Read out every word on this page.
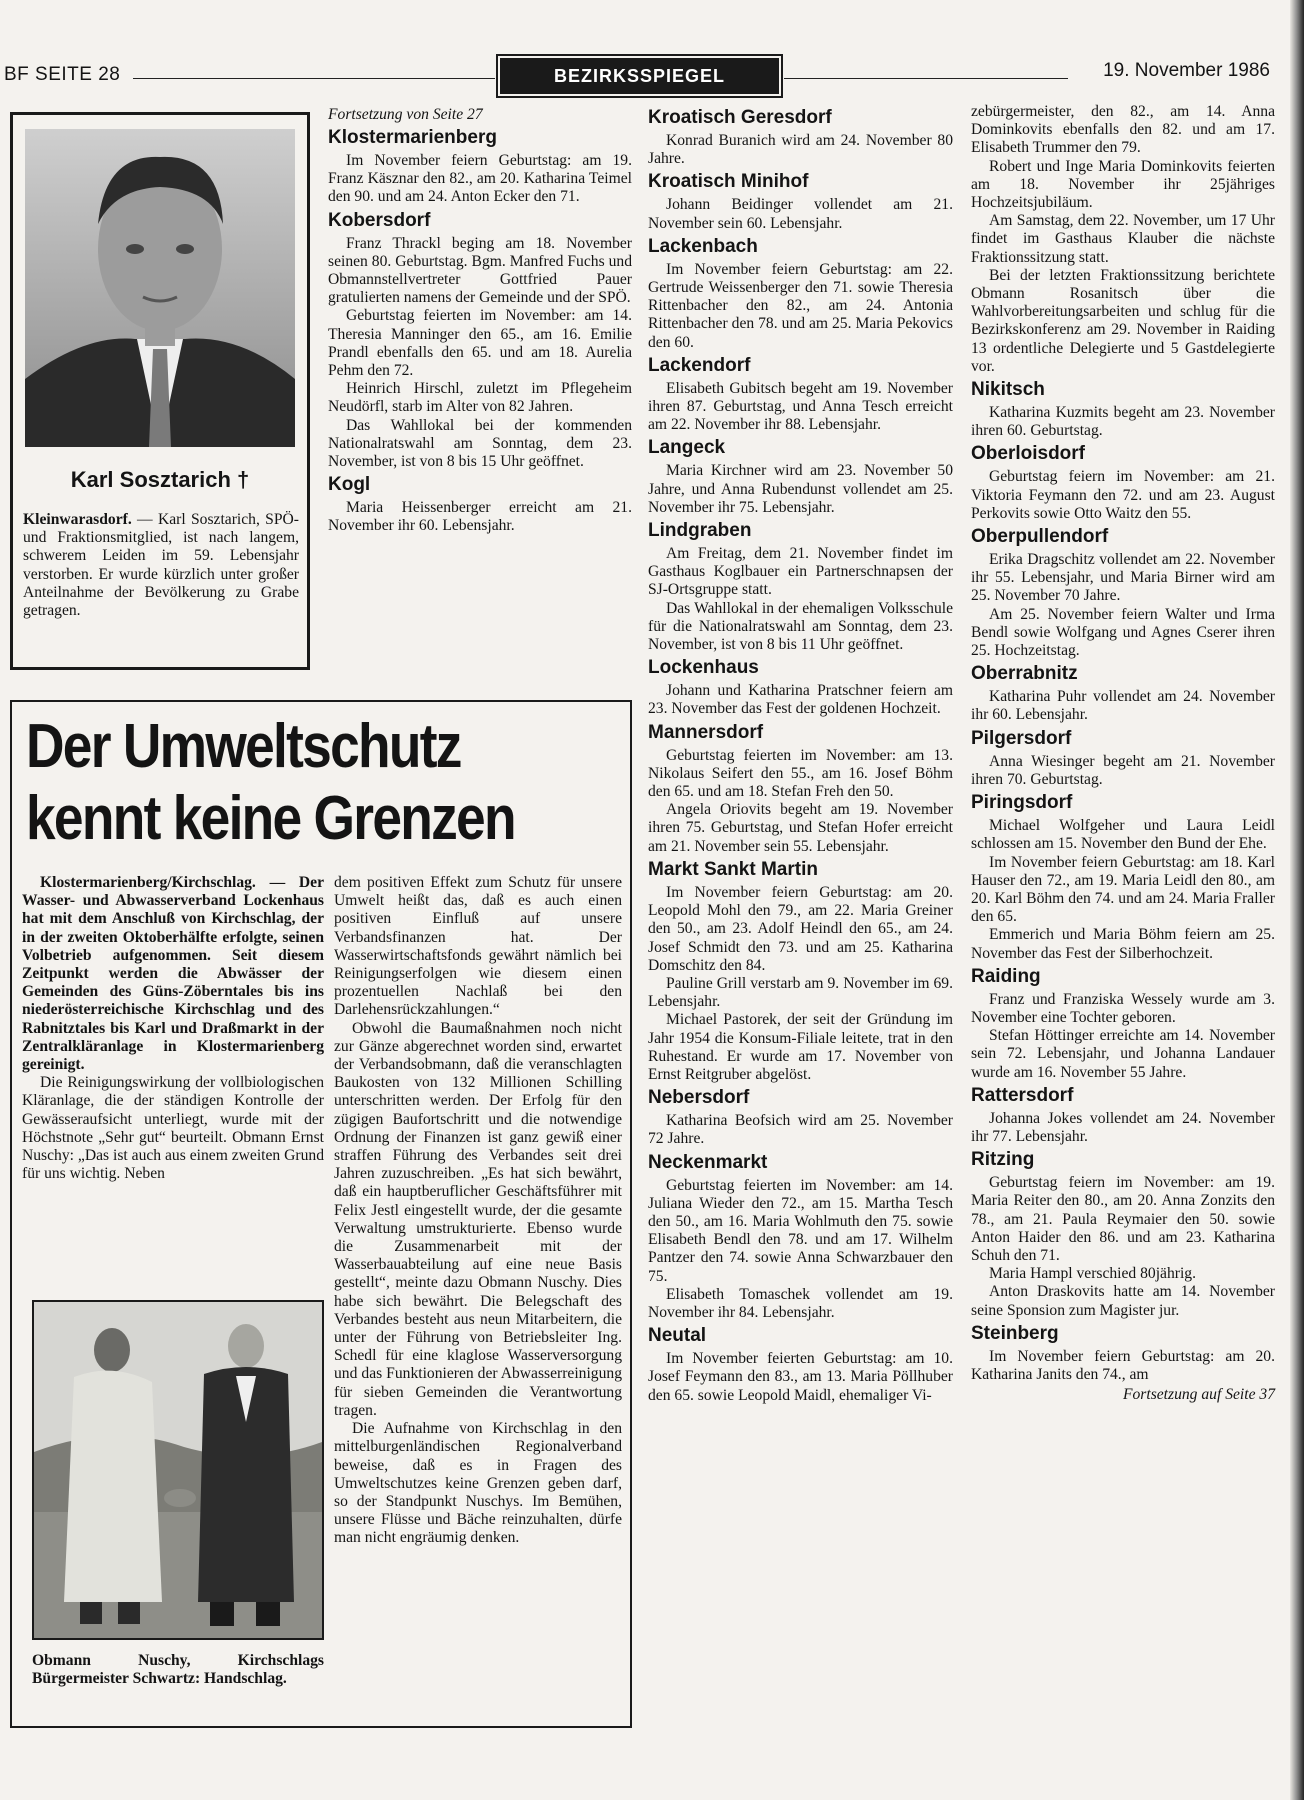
BF SEITE 28	BEZIRKSSPIEGEL	19. November 1986
Karl Sosztarich †
Kleinwarasdorf. — Karl Sosztarich, SPÖ- und Fraktionsmitglied, ist nach langem, schwerem Leiden im 59. Lebensjahr verstorben. Er wurde kürzlich unter großer Anteilnahme der Bevölkerung zu Grabe getragen.
Fortsetzung von Seite 27
Klostermarienberg

Im November feiern Geburtstag: am 19. Franz Käsznar den 82., am 20. Katharina Teimel den 90. und am 24. Anton Ecker den 71.

Kobersdorf

Franz Thrackl beging am 18. November seinen 80. Geburtstag. Bgm. Manfred Fuchs und Obmannstellvertreter Gottfried Pauer gratulierten namens der Gemeinde und der SPÖ.

Geburtstag feierten im November: am 14. Theresia Manninger den 65., am 16. Emilie Prandl ebenfalls den 65. und am 18. Aurelia Pehm den 72.

Heinrich Hirschl, zuletzt im Pflegeheim Neudörfl, starb im Alter von 82 Jahren.

Das Wahllokal bei der kommenden Nationalratswahl am Sonntag, dem 23. November, ist von 8 bis 15 Uhr geöffnet.

Kogl

Maria Heissenberger erreicht am 21. November ihr 60. Lebensjahr.

Kroatisch Geresdorf

Konrad Buranich wird am 24. November 80 Jahre.

Kroatisch Minihof

Johann Beidinger vollendet am 21. November sein 60. Lebensjahr.

Lackenbach

Im November feiern Geburtstag: am 22. Gertrude Weissenberger den 71. sowie Theresia Rittenbacher den 82., am 24. Antonia Rittenbacher den 78. und am 25. Maria Pekovics den 60.

Lackendorf

Elisabeth Gubitsch begeht am 19. November ihren 87. Geburtstag, und Anna Tesch erreicht am 22. November ihr 88. Lebensjahr.

Langeck

Maria Kirchner wird am 23. November 50 Jahre, und Anna Rubendunst vollendet am 25. November ihr 75. Lebensjahr.

Lindgraben

Am Freitag, dem 21. November findet im Gasthaus Koglbauer ein Partnerschnapsen der SJ-Ortsgruppe statt.

Das Wahllokal in der ehemaligen Volksschule für die Nationalratswahl am Sonntag, dem 23. November, ist von 8 bis 11 Uhr geöffnet.

Lockenhaus

Johann und Katharina Pratschner feiern am 23. November das Fest der goldenen Hochzeit.

Mannersdorf

Geburtstag feierten im November: am 13. Nikolaus Seifert den 55., am 16. Josef Böhm den 65. und am 18. Stefan Freh den 50.

Angela Oriovits begeht am 19. November ihren 75. Geburtstag, und Stefan Hofer erreicht am 21. November sein 55. Lebensjahr.

Markt Sankt Martin

Im November feiern Geburtstag: am 20. Leopold Mohl den 79., am 22. Maria Greiner den 50., am 23. Adolf Heindl den 65., am 24. Josef Schmidt den 73. und am 25. Katharina Domschitz den 84.

Pauline Grill verstarb am 9. November im 69. Lebensjahr.

Michael Pastorek, der seit der Gründung im Jahr 1954 die Konsum-Filiale leitete, trat in den Ruhestand. Er wurde am 17. November von Ernst Reitgruber abgelöst.

Nebersdorf

Katharina Beofsich wird am 25. November 72 Jahre.

Neckenmarkt

Geburtstag feierten im November: am 14. Juliana Wieder den 72., am 15. Martha Tesch den 50., am 16. Maria Wohlmuth den 75. sowie Elisabeth Bendl den 78. und am 17. Wilhelm Pantzer den 74. sowie Anna Schwarzbauer den 75.

Elisabeth Tomaschek vollendet am 19. November ihr 84. Lebensjahr.

Neutal

Im November feierten Geburtstag: am 10. Josef Feymann den 83., am 13. Maria Pöllhuber den 65. sowie Leopold Maidl, ehemaliger Vi-

zebürgermeister, den 82., am 14. Anna Dominkovits ebenfalls den 82. und am 17. Elisabeth Trummer den 79.

Robert und Inge Maria Dominkovits feierten am 18. November ihr 25jähriges Hochzeitsjubiläum.

Am Samstag, dem 22. November, um 17 Uhr findet im Gasthaus Klauber die nächste Fraktionssitzung statt.

Bei der letzten Fraktionssitzung berichtete Obmann Rosanitsch über die Wahlvorbereitungsarbeiten und schlug für die Bezirkskonferenz am 29. November in Raiding 13 ordentliche Delegierte und 5 Gastdelegierte vor.

Nikitsch

Katharina Kuzmits begeht am 23. November ihren 60. Geburtstag.

Oberloisdorf

Geburtstag feiern im November: am 21. Viktoria Feymann den 72. und am 23. August Perkovits sowie Otto Waitz den 55.

Oberpullendorf

Erika Dragschitz vollendet am 22. November ihr 55. Lebensjahr, und Maria Birner wird am 25. November 70 Jahre.

Am 25. November feiern Walter und Irma Bendl sowie Wolfgang und Agnes Cserer ihren 25. Hochzeitstag.

Oberrabnitz

Katharina Puhr vollendet am 24. November ihr 60. Lebensjahr.

Pilgersdorf

Anna Wiesinger begeht am 21. November ihren 70. Geburtstag.

Piringsdorf

Michael Wolfgeher und Laura Leidl schlossen am 15. November den Bund der Ehe.

Im November feiern Geburtstag: am 18. Karl Hauser den 72., am 19. Maria Leidl den 80., am 20. Karl Böhm den 74. und am 24. Maria Fraller den 65.

Emmerich und Maria Böhm feiern am 25. November das Fest der Silberhochzeit.

Raiding

Franz und Franziska Wessely wurde am 3. November eine Tochter geboren.

Stefan Höttinger erreichte am 14. November sein 72. Lebensjahr, und Johanna Landauer wurde am 16. November 55 Jahre.

Rattersdorf

Johanna Jokes vollendet am 24. November ihr 77. Lebensjahr.

Ritzing

Geburtstag feiern im November: am 19. Maria Reiter den 80., am 20. Anna Zonzits den 78., am 21. Paula Reymaier den 50. sowie Anton Haider den 86. und am 23. Katharina Schuh den 71.

Maria Hampl verschied 80jährig.

Anton Draskovits hatte am 14. November seine Sponsion zum Magister jur.

Steinberg

Im November feiern Geburtstag: am 20. Katharina Janits den 74., am

Fortsetzung auf Seite 37
Der Umweltschutz
kennt keine Grenzen

Klostermarienberg/Kirchschlag. — Der Wasser- und Abwasserverband Lockenhaus hat mit dem Anschluß von Kirchschlag, der in der zweiten Oktoberhälfte erfolgte, seinen Volbetrieb aufgenommen. Seit diesem Zeitpunkt werden die Abwässer der Gemeinden des Güns-Zöberntales bis ins niederösterreichische Kirchschlag und des Rabnitztales bis Karl und Draßmarkt in der Zentralkläranlage in Klostermarienberg gereinigt.

Die Reinigungswirkung der vollbiologischen Kläranlage, die der ständigen Kontrolle der Gewässeraufsicht unterliegt, wurde mit der Höchstnote „Sehr gut“ beurteilt. Obmann Ernst Nuschy: „Das ist auch aus einem zweiten Grund für uns wichtig. Neben

Obmann Nuschy, Kirchschlags Bürgermeister Schwartz: Handschlag.

dem positiven Effekt zum Schutz für unsere Umwelt heißt das, daß es auch einen positiven Einfluß auf unsere Verbandsfinanzen hat. Der Wasserwirtschaftsfonds gewährt nämlich bei Reinigungserfolgen wie diesem einen prozentuellen Nachlaß bei den Darlehensrückzahlungen.“

Obwohl die Baumaßnahmen noch nicht zur Gänze abgerechnet worden sind, erwartet der Verbandsobmann, daß die veranschlagten Baukosten von 132 Millionen Schilling unterschritten werden. Der Erfolg für den zügigen Baufortschritt und die notwendige Ordnung der Finanzen ist ganz gewiß einer straffen Führung des Verbandes seit drei Jahren zuzuschreiben. „Es hat sich bewährt, daß ein hauptberuflicher Geschäftsführer mit Felix Jestl eingestellt wurde, der die gesamte Verwaltung umstrukturierte. Ebenso wurde die Zusammenarbeit mit der Wasserbauabteilung auf eine neue Basis gestellt“, meinte dazu Obmann Nuschy. Dies habe sich bewährt. Die Belegschaft des Verbandes besteht aus neun Mitarbeitern, die unter der Führung von Betriebsleiter Ing. Schedl für eine klaglose Wasserversorgung und das Funktionieren der Abwasserreinigung für sieben Gemeinden die Verantwortung tragen.

Die Aufnahme von Kirchschlag in den mittelburgenländischen Regionalverband beweise, daß es in Fragen des Umweltschutzes keine Grenzen geben darf, so der Standpunkt Nuschys. Im Bemühen, unsere Flüsse und Bäche reinzuhalten, dürfe man nicht engräumig denken.
